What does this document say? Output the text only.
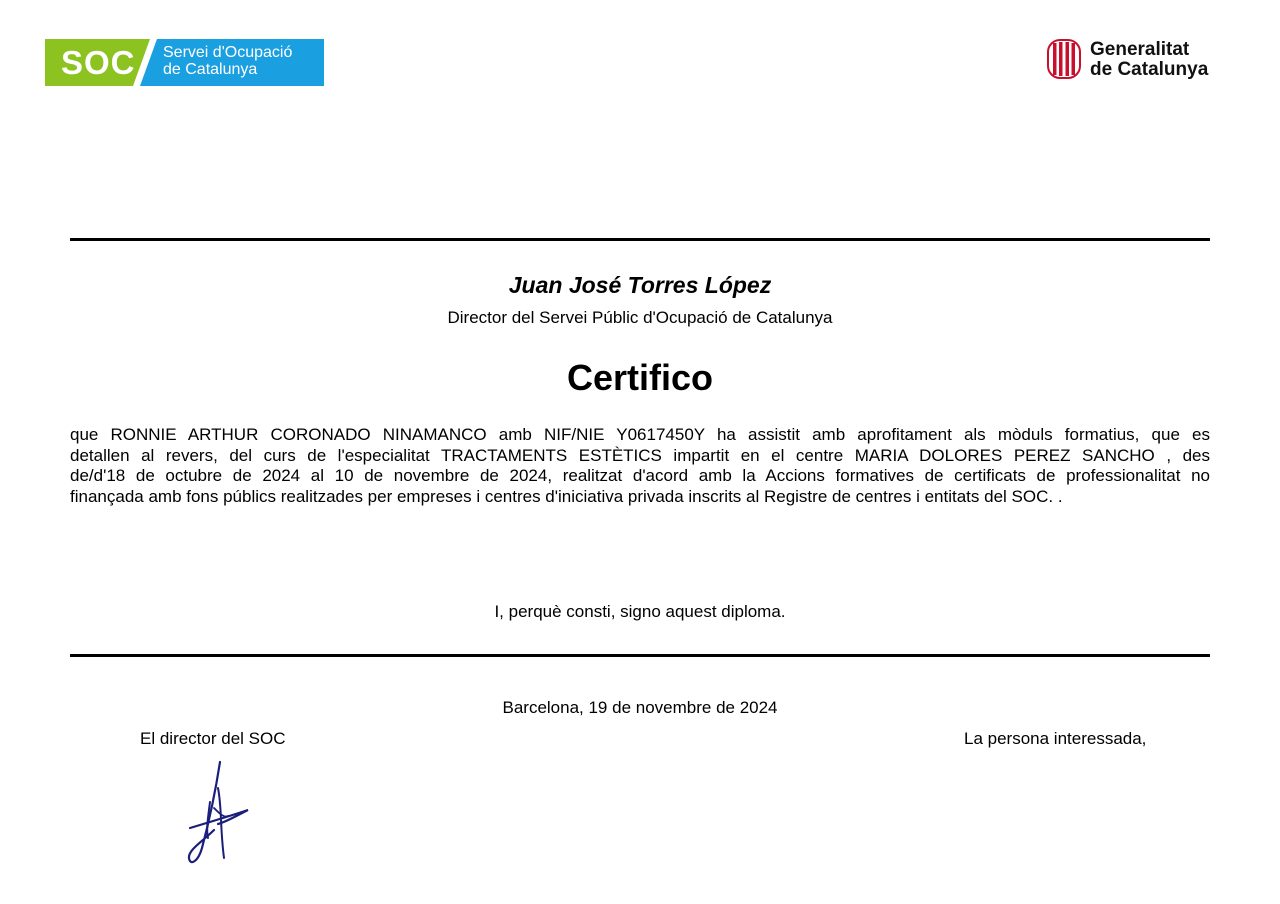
SOC Servei d'Ocupació
de Catalunya
Generalitat
de Catalunya
Juan José Torres López
Director del Servei Públic d'Ocupació de Catalunya
Certifico
que RONNIE ARTHUR CORONADO NINAMANCO amb NIF/NIE Y0617450Y ha assistit amb aprofitament als mòduls formatius, que es
detallen al revers, del curs de l'especialitat TRACTAMENTS ESTÈTICS impartit en el centre MARIA DOLORES PEREZ SANCHO , des
de/d'18 de octubre de 2024 al 10 de novembre de 2024, realitzat d'acord amb la Accions formatives de certificats de professionalitat no
finançada amb fons públics realitzades per empreses i centres d'iniciativa privada inscrits al Registre de centres i entitats del SOC. .
I, perquè consti, signo aquest diploma.
Barcelona, 19 de novembre de 2024
El director del SOC	La persona interessada,
